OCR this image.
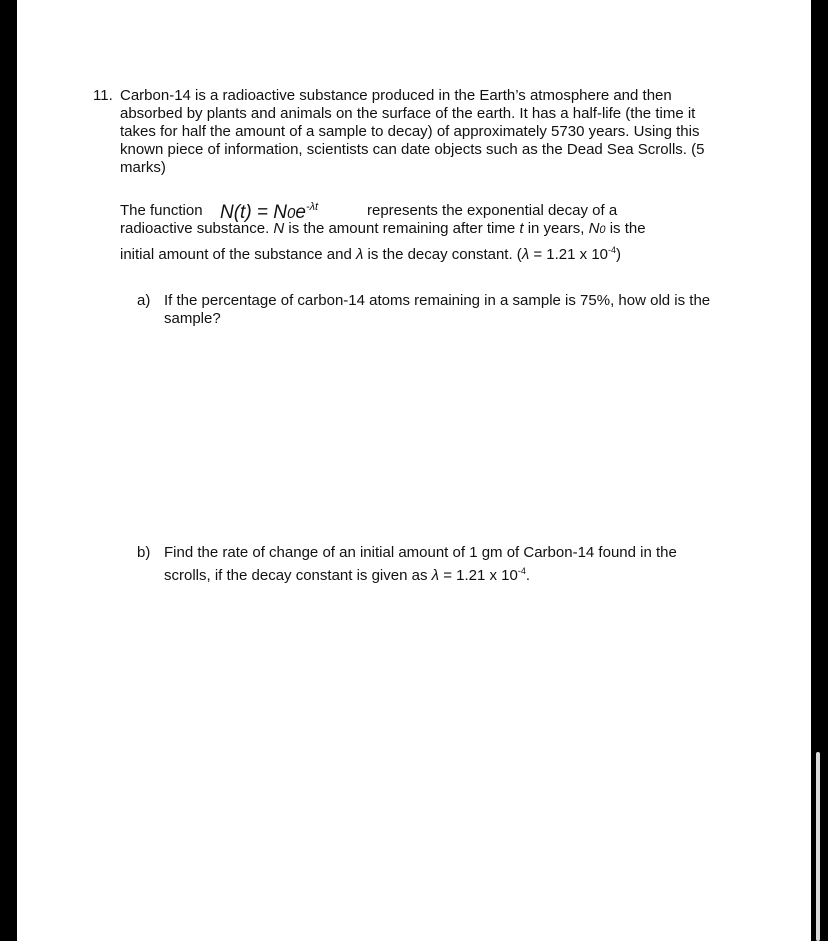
11. Carbon-14 is a radioactive substance produced in the Earth’s atmosphere and then absorbed by plants and animals on the surface of the earth. It has a half-life (the time it takes for half the amount of a sample to decay) of approximately 5730 years. Using this known piece of information, scientists can date objects such as the Dead Sea Scrolls. (5 marks)
The function $N(t) = N0e^{-\lambda t}$	represents the exponential decay of a
radioactive substance. N is the amount remaining after time t in years, N0 is the
initial amount of the substance and λ is the decay constant. (λ = 1.21 x $10^{-4}$)
a) If the percentage of carbon-14 atoms remaining in a sample is 75%, how old is the sample?
b) Find the rate of change of an initial amount of 1 gm of Carbon-14 found in the scrolls, if the decay constant is given as λ = 1.21 x $10^{-4}$.
